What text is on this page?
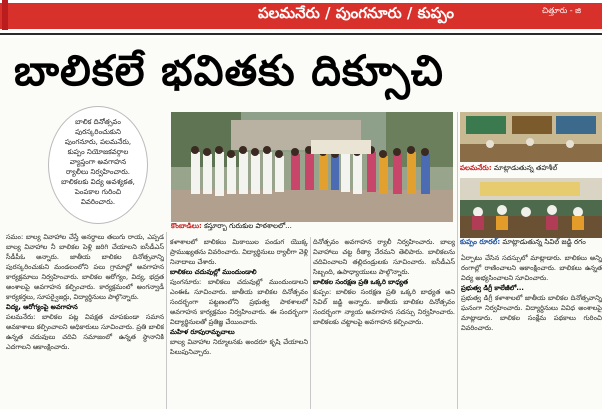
పలమనేరు / పుంగనూరు / కుప్పం	చిత్తూరు - జి
బాలికలే భవితకు దిక్సూచి
బాలిక దినోత్సవం పురస్కరించుకుని పుంగనూరు, పలమనేరు, కుప్పం నియోజకవర్గాల వ్యాప్తంగా అవగాహన ర్యాలీలు నిర్వహించారు. బాలికలకు విద్య అవశ్యకత, పెంపకాల గురించి వివరించారు.
కొంబాడిలు: కస్తూర్బా గురుకుల పాఠశాలలో...
పలమనేరు: మాట్లాడుతున్న తహశీల్
కుప్పం రూరల్: మాట్లాడుతున్న సివిల్ జడ్జి రగం
సమం: బాల్య వివాహాల చేస్తే అనర్థాలు తలుగు రాయ, ఎప్పడ బాల్య వివాహాల నీ బాలికల పెళ్లి జరిగి చేయాలని ఐసీడీఎస్ సీడీపీఓ అన్నారు. జాతీయ బాలికల దినోత్సవాన్ని పురస్కరించుకుని మండలంలోని పలు గ్రామాల్లో అవగాహన కార్యక్రమాలు నిర్వహించారు. బాలికల ఆరోగ్యం, విద్య, భద్రత అంశాలపై అవగాహన కల్పించారు. కార్యక్రమంలో అంగన్వాడీ కార్యకర్తలు, సూపర్వైజర్లు, విద్యార్థినులు పాల్గొన్నారు.
విద్య, ఆరోగ్యంపై అవగాహన
పలమనేరు: బాలికల పట్ల వివక్షత చూపకుండా సమాన అవకాశాలు కల్పించాలని అధికారులు సూచించారు. ప్రతి బాలిక ఉన్నత చదువులు చదివి సమాజంలో ఉన్నత స్థానానికి ఎదగాలని ఆకాంక్షించారు.
కళాశాలలో బాలికలు మిఠాయిల పండుగ యొక్క ప్రాముఖ్యతను వివరించారు. విద్యార్థినులు ర్యాలీగా వెళ్లి నినాదాలు చేశారు.
బాలికలు చదువుల్లో ముందుండాలి
పుంగనూరు: బాలికలు చదువుల్లో ముందుండాలని ఎంఈఓ సూచించారు. జాతీయ బాలికల దినోత్సవం సందర్భంగా పట్టణంలోని ప్రభుత్వ పాఠశాలలో అవగాహన కార్యక్రమం నిర్వహించారు. ఈ సందర్భంగా విద్యార్థినులతో ప్రతిజ్ఞ చేయించారు.
మహిళ రూపురామృచాలు
బాల్య వివాహాల నిర్మూలనకు అందరూ కృషి చేయాలని పిలుపునిచ్చారు.
దినోత్సవం అవగాహన ర్యాలీ నిర్వహించారు. బాల్య వివాహాలు చట్ట రీత్యా నేరమని తెలిపారు. బాలికలను చదివించాలని తల్లిదండ్రులకు సూచించారు. ఐసీడీఎస్ సిబ్బంది, ఉపాధ్యాయులు పాల్గొన్నారు.
బాలికల సంరక్షణ ప్రతి ఒక్కరి బాధ్యత
కుప్పం: బాలికల సంరక్షణ ప్రతి ఒక్కరి బాధ్యత అని సివిల్ జడ్జి అన్నారు. జాతీయ బాలికల దినోత్సవం సందర్భంగా న్యాయ అవగాహన సదస్సు నిర్వహించారు. బాలికలకు చట్టాలపై అవగాహన కల్పించారు.
ఏర్పాటు చేసిన సదస్సులో మాట్లాడారు. బాలికలు అన్ని రంగాల్లో రాణించాలని ఆకాంక్షించారు. బాలికలు ఉన్నత విద్య అభ్యసించాలని సూచించారు.
ప్రభుత్వ డిగ్రీ కాలేజీలో...
ప్రభుత్వ డిగ్రీ కళాశాలలో జాతీయ బాలికల దినోత్సవాన్ని ఘనంగా నిర్వహించారు. విద్యార్థినులు వివిధ అంశాలపై మాట్లాడారు. బాలికల సంక్షేమ పథకాలు గురించి వివరించారు.
